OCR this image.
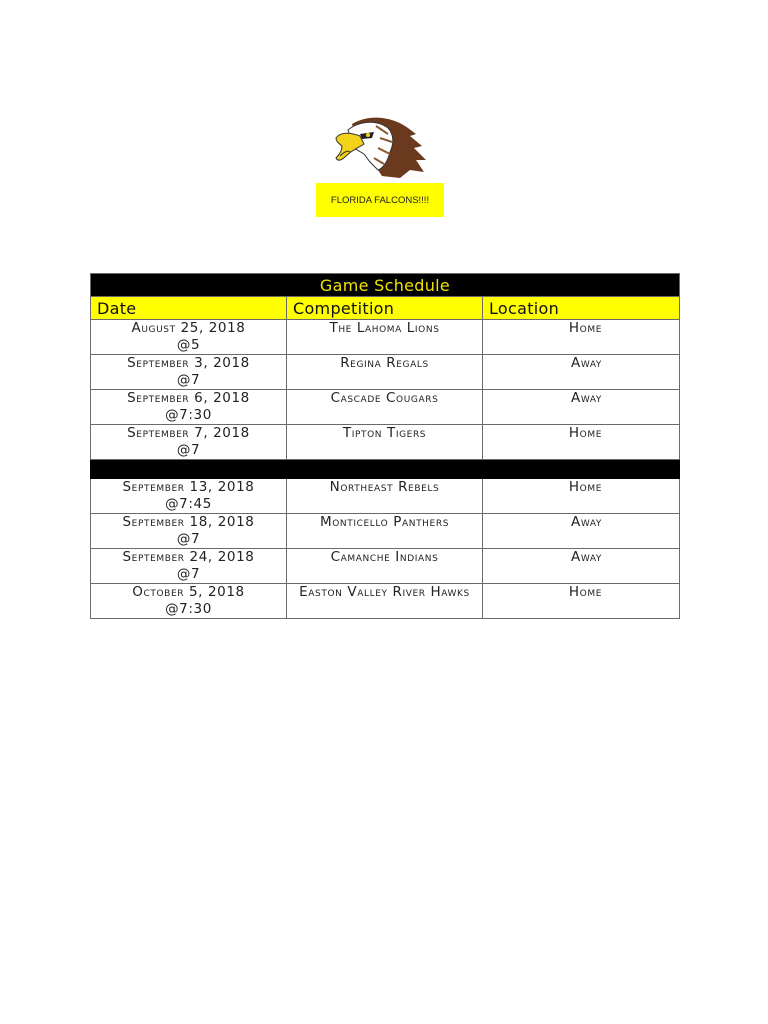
FLORIDA FALCONS!!!!
Game Schedule		
Date	Competition	Location
August 25, 2018
@5	The Lahoma Lions	Home
September 3, 2018
@7	Regina Regals	Away
September 6, 2018
@7:30	Cascade Cougars	Away
September 7, 2018
@7	Tipton Tigers	Home

September 13, 2018
@7:45	Northeast Rebels	Home
September 18, 2018
@7	Monticello Panthers	Away
September 24, 2018
@7	Camanche Indians	Away
October 5, 2018
@7:30	Easton Valley River Hawks	Home
